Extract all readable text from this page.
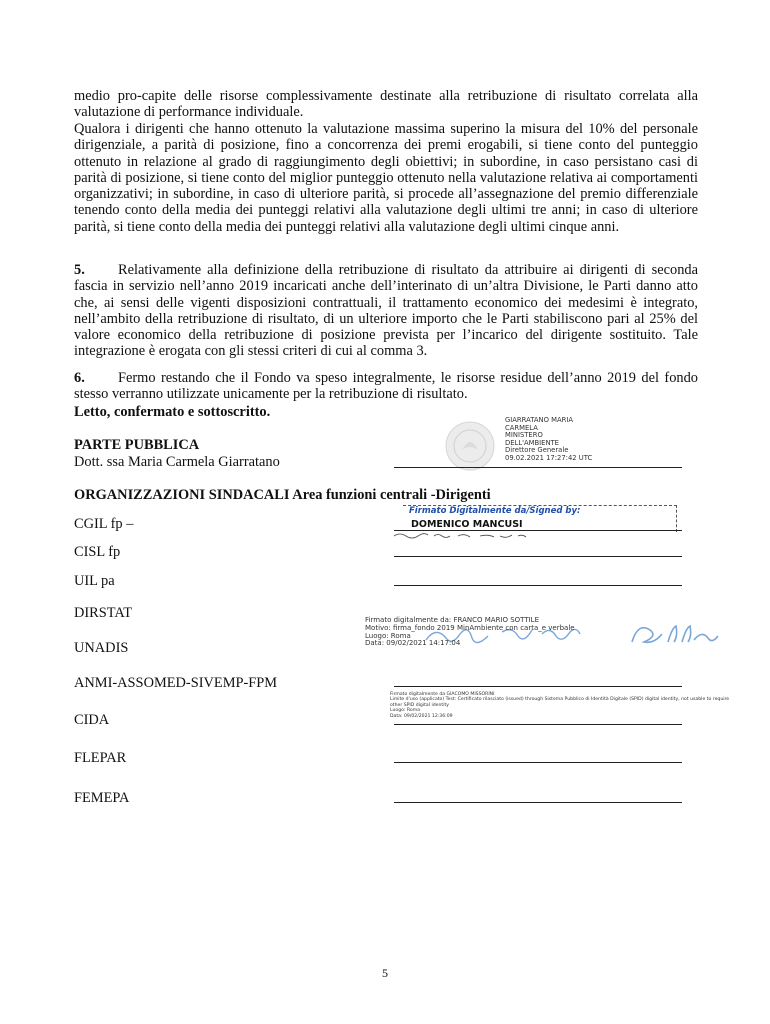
medio pro-capite delle risorse complessivamente destinate alla retribuzione di risultato correlata alla valutazione di performance individuale.

Qualora i dirigenti che hanno ottenuto la valutazione massima superino la misura del 10% del personale dirigenziale, a parità di posizione, fino a concorrenza dei premi erogabili, si tiene conto del punteggio ottenuto in relazione al grado di raggiungimento degli obiettivi; in subordine, in caso persistano casi di parità di posizione, si tiene conto del miglior punteggio ottenuto nella valutazione relativa ai comportamenti organizzativi; in subordine, in caso di ulteriore parità, si procede all’assegnazione del premio differenziale tenendo conto della media dei punteggi relativi alla valutazione degli ultimi tre anni; in caso di ulteriore parità, si tiene conto della media dei punteggi relativi alla valutazione degli ultimi cinque anni.

5. Relativamente alla definizione della retribuzione di risultato da attribuire ai dirigenti di seconda fascia in servizio nell’anno 2019 incaricati anche dell’interinato di un’altra Divisione, le Parti danno atto che, ai sensi delle vigenti disposizioni contrattuali, il trattamento economico dei medesimi è integrato, nell’ambito della retribuzione di risultato, di un ulteriore importo che le Parti stabiliscono pari al 25% del valore economico della retribuzione di posizione prevista per l’incarico del dirigente sostituito. Tale integrazione è erogata con gli stessi criteri di cui al comma 3.

6. Fermo restando che il Fondo va speso integralmente, le risorse residue dell’anno 2019 del fondo stesso verranno utilizzate unicamente per la retribuzione di risultato.

Letto, confermato e sottoscritto.
PARTE PUBBLICA
Dott. ssa Maria Carmela Giarratano
GIARRATANO MARIA
CARMELA
MINISTERO
DELL'AMBIENTE
Direttore Generale
09.02.2021 17:27:42 UTC
ORGANIZZAZIONI SINDACALI Area funzioni centrali -Dirigenti
CGIL fp –
Firmato Digitalmente da/Signed by:
DOMENICO MANCUSI
CISL fp
UIL pa
DIRSTAT	Firmato digitalmente da: FRANCO MARIO SOTTILE
Motivo: firma_fondo 2019 MinAmbiente con carta_e verbale
Luogo: Roma
Data: 09/02/2021 14:17:04
UNADIS
ANMI-ASSOMED-SIVEMP-FPM
Firmato digitalmente da GIACOMO MISSORINI
Limite d'uso (applicato) Test: Certificato rilasciato (issued) through Sistema Pubblico di Identità Digitale (SPID) digital identity, not usable to require
other SPID digital identity
Luogo: Roma
Data: 09/02/2021 12:36:09
CIDA
FLEPAR
FEMEPA
5
